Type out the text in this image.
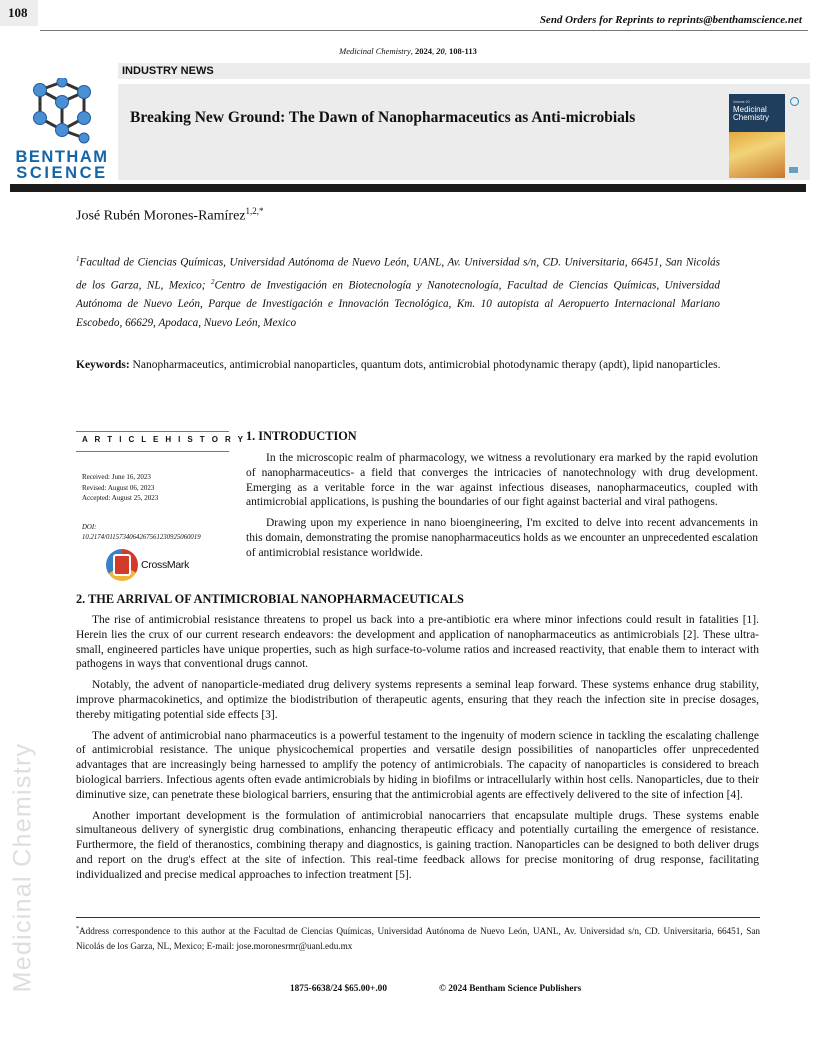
108	Send Orders for Reprints to reprints@benthamscience.net
Medicinal Chemistry, 2024, 20, 108-113
INDUSTRY NEWS
BENTHAM
SCIENCE
Breaking New Ground: The Dawn of Nanopharmaceutics as Anti-microbials
Volume 20
Medicinal
Chemistry
José Rubén Morones-Ramírez$^{1,2,*}$
$^1$Facultad de Ciencias Químicas, Universidad Autónoma de Nuevo León, UANL, Av. Universidad s/n, CD. Universitaria, 66451, San Nicolás de los Garza, NL, Mexico; $^2$Centro de Investigación en Biotecnología y Nanotecnología, Facultad de Ciencias Químicas, Universidad Autónoma de Nuevo León, Parque de Investigación e Innovación Tecnológica, Km. 10 autopista al Aeropuerto Internacional Mariano Escobedo, 66629, Apodaca, Nuevo León, Mexico
Keywords: Nanopharmaceutics, antimicrobial nanoparticles, quantum dots, antimicrobial photodynamic therapy (apdt), lipid nanoparticles.
A R T I C L E H I S T O R Y
Received: June 16, 2023
Revised: August 06, 2023
Accepted: August 25, 2023
DOI:
10.2174/0115734064267561230925060019
CrossMark
1. INTRODUCTION

In the microscopic realm of pharmacology, we witness a revolutionary era marked by the rapid evolution of nanopharmaceutics- a field that converges the intricacies of nanotechnology with drug development. Emerging as a veritable force in the war against infectious diseases, nanopharmaceutics, coupled with antimicrobial applications, is pushing the boundaries of our fight against bacterial and viral pathogens.

Drawing upon my experience in nano bioengineering, I'm excited to delve into recent advancements in this domain, demonstrating the promise nanopharmaceutics holds as we encounter an unprecedented escalation of antimicrobial resistance worldwide.

2. THE ARRIVAL OF ANTIMICROBIAL NANOPHARMACEUTICALS

The rise of antimicrobial resistance threatens to propel us back into a pre-antibiotic era where minor infections could result in fatalities [1]. Herein lies the crux of our current research endeavors: the development and application of nanopharmaceutics as antimicrobials [2]. These ultra-small, engineered particles have unique properties, such as high surface-to-volume ratios and increased reactivity, that enable them to interact with pathogens in ways that conventional drugs cannot.

Notably, the advent of nanoparticle-mediated drug delivery systems represents a seminal leap forward. These systems enhance drug stability, improve pharmacokinetics, and optimize the biodistribution of therapeutic agents, ensuring that they reach the infection site in precise dosages, thereby mitigating potential side effects [3].

The advent of antimicrobial nano pharmaceutics is a powerful testament to the ingenuity of modern science in tackling the escalating challenge of antimicrobial resistance. The unique physicochemical properties and versatile design possibilities of nanoparticles offer unprecedented advantages that are increasingly being harnessed to amplify the potency of antimicrobials. The capacity of nanoparticles is considered to breach biological barriers. Infectious agents often evade antimicrobials by hiding in biofilms or intracellularly within host cells. Nanoparticles, due to their diminutive size, can penetrate these biological barriers, ensuring that the antimicrobial agents are effectively delivered to the site of infection [4].

Another important development is the formulation of antimicrobial nanocarriers that encapsulate multiple drugs. These systems enable simultaneous delivery of synergistic drug combinations, enhancing therapeutic efficacy and potentially curtailing the emergence of resistance. Furthermore, the field of theranostics, combining therapy and diagnostics, is gaining traction. Nanoparticles can be designed to both deliver drugs and report on the drug's effect at the site of infection. This real-time feedback allows for precise monitoring of drug response, facilitating individualized and precise medical approaches to infection treatment [5].

*Address correspondence to this author at the Facultad de Ciencias Químicas, Universidad Autónoma de Nuevo León, UANL, Av. Universidad s/n, CD. Universitaria, 66451, San Nicolás de los Garza, NL, Mexico; E-mail: jose.moronesrmr@uanl.edu.mx
1875-6638/24 $65.00+.00	© 2024 Bentham Science Publishers
Medicinal Chemistry
